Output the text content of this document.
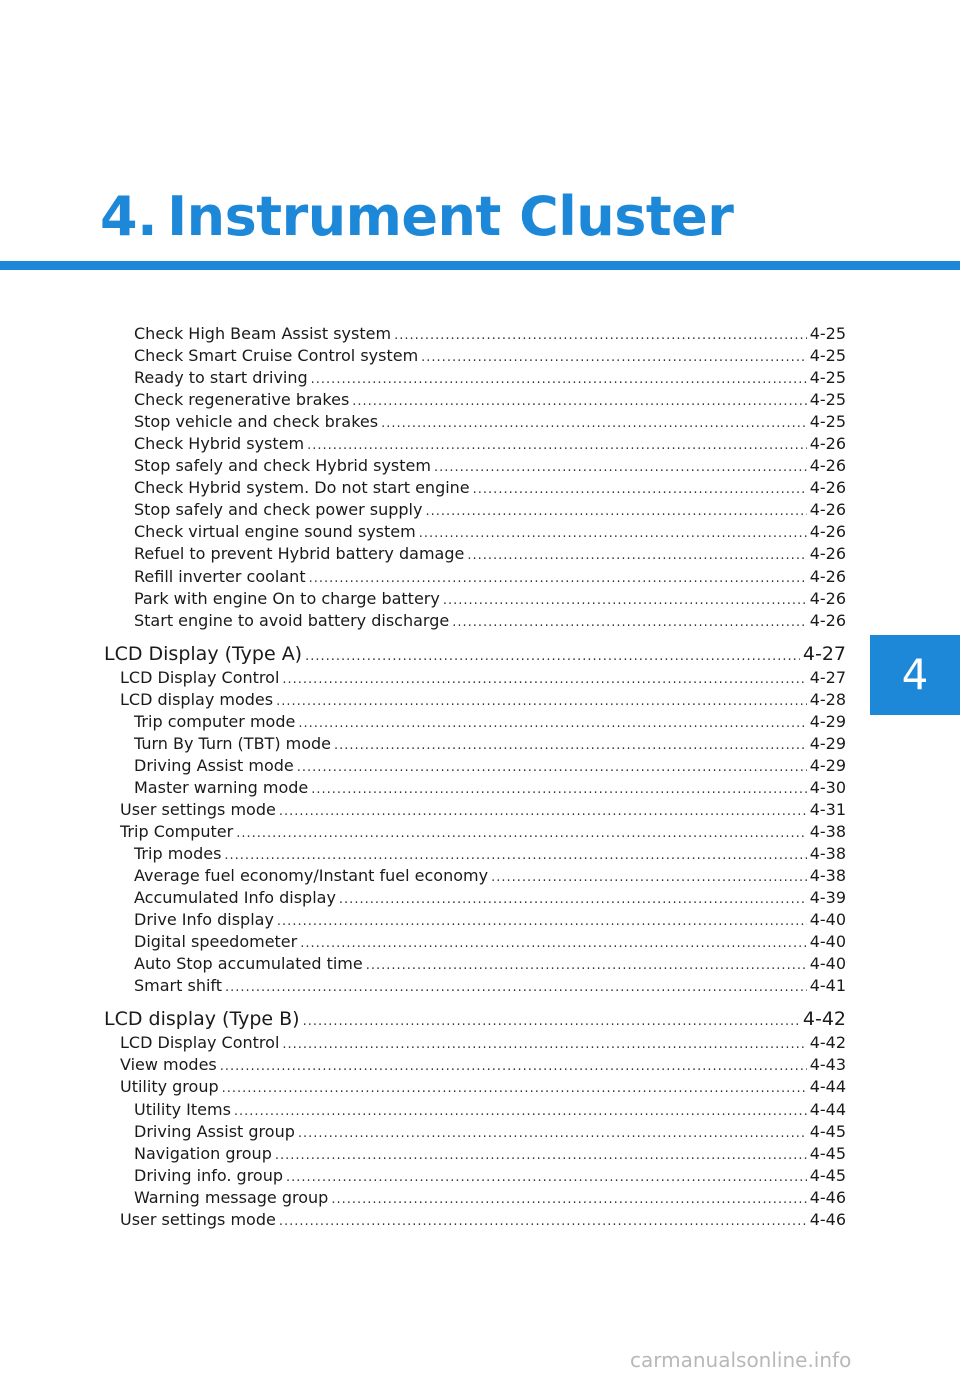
4. Instrument Cluster
4
Check High Beam Assist system .....	4-25
Check Smart Cruise Control system .....	4-25
Ready to start driving .....	4-25
Check regenerative brakes .....	4-25
Stop vehicle and check brakes .....	4-25
Check Hybrid system .....	4-26
Stop safely and check Hybrid system .....	4-26
Check Hybrid system. Do not start engine .....	4-26
Stop safely and check power supply .....	4-26
Check virtual engine sound system .....	4-26
Refuel to prevent Hybrid battery damage .....	4-26
Refill inverter coolant .....	4-26
Park with engine On to charge battery .....	4-26
Start engine to avoid battery discharge .....	4-26
LCD Display (Type A) .....	4-27
LCD Display Control .....	4-27
LCD display modes .....	4-28
Trip computer mode .....	4-29
Turn By Turn (TBT) mode .....	4-29
Driving Assist mode .....	4-29
Master warning mode .....	4-30
User settings mode .....	4-31
Trip Computer .....	4-38
Trip modes .....	4-38
Average fuel economy/Instant fuel economy .....	4-38
Accumulated Info display .....	4-39
Drive Info display .....	4-40
Digital speedometer .....	4-40
Auto Stop accumulated time .....	4-40
Smart shift .....	4-41
LCD display (Type B) .....	4-42
LCD Display Control .....	4-42
View modes .....	4-43
Utility group .....	4-44
Utility Items .....	4-44
Driving Assist group .....	4-45
Navigation group .....	4-45
Driving info. group .....	4-45
Warning message group .....	4-46
User settings mode .....	4-46
carmanualsonline.info
